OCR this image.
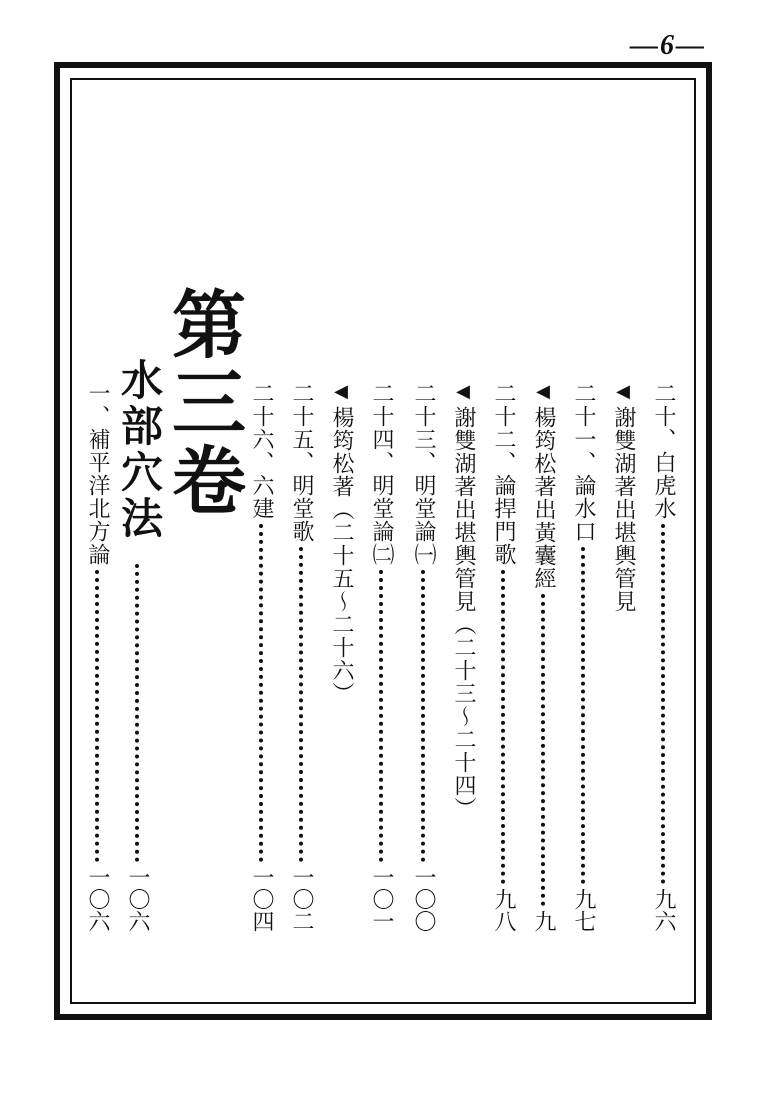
—6—
第三卷
水部穴法	二十、白虎水
九六
◀
謝雙湖著出堪輿管見
二十一、論水口
九七
◀
楊筠松著出黃囊經
九
二十二、論捍門歌
九八
◀
謝雙湖著出堪輿管見（二十三〜二十四）
二十三、明堂論㈠
一〇〇
二十四、明堂論㈡
一〇一
◀
楊筠松著（二十五〜二十六）
二十五、明堂歌
一〇二
二十六、六建
一〇四
一〇六
一、補平洋北方論
一〇六
